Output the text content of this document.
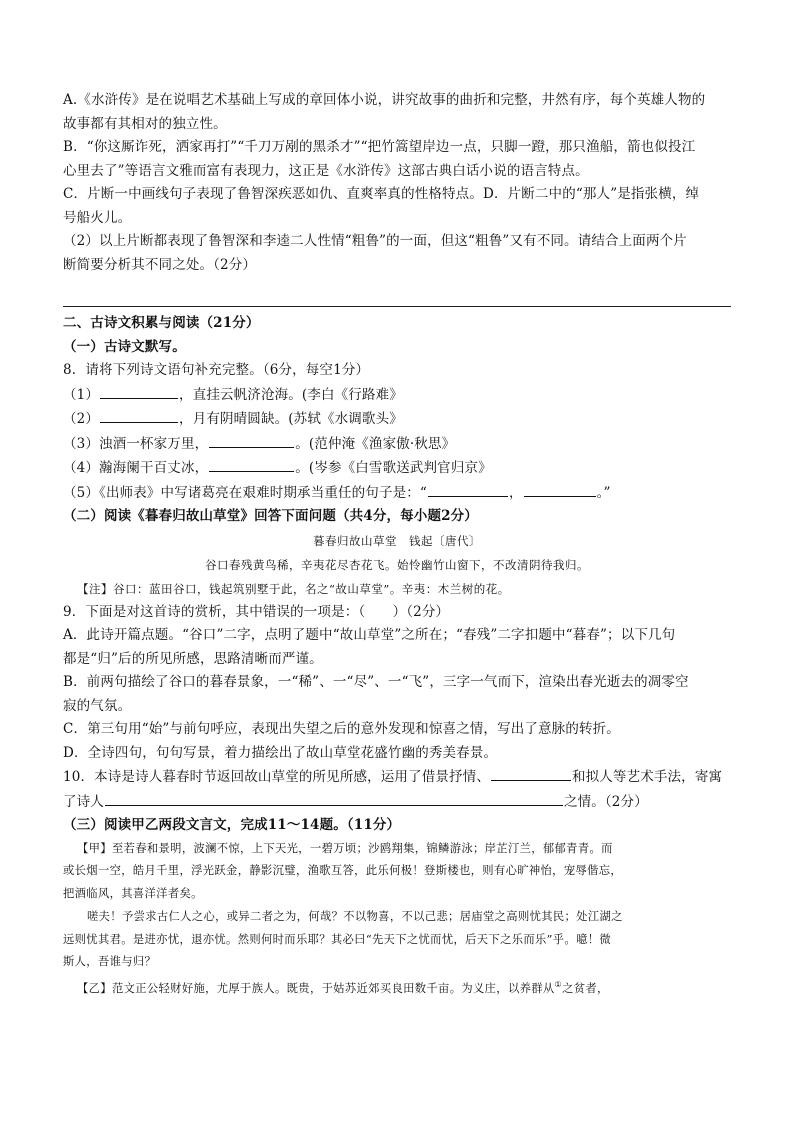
A.《水浒传》是在说唱艺术基础上写成的章回体小说，讲究故事的曲折和完整，井然有序，每个英雄人物的
故事都有其相对的独立性。
B．“你这厮诈死，洒家再打”“千刀万剐的黑杀才”“把竹篙望岸边一点，只脚一蹬，那只渔船，箭也似投江
心里去了”等语言文雅而富有表现力，这正是《水浒传》这部古典白话小说的语言特点。
C．片断一中画线句子表现了鲁智深疾恶如仇、直爽率真的性格特点。D．片断二中的“那人”是指张横，绰
号船火儿。
（2）以上片断都表现了鲁智深和李逵二人性情“粗鲁”的一面，但这“粗鲁”又有不同。请结合上面两个片
断简要分析其不同之处。（2分）
二、古诗文积累与阅读（21分）
（一）古诗文默写。
8．请将下列诗文语句补充完整。（6分，每空1分）
（1）	，直挂云帆济沧海。(李白《行路难》
（2）	，月有阴晴圆缺。(苏轼《水调歌头》
（3）浊酒一杯家万里，	。(范仲淹《渔家傲·秋思》
（4）瀚海阑干百丈冰，	。(岑参《白雪歌送武判官归京》
（5）《出师表》中写诸葛亮在艰难时期承当重任的句子是：“	，	。”
（二）阅读《暮春归故山草堂》回答下面问题（共4分，每小题2分）
暮春归故山草堂　钱起〔唐代〕
谷口春残黄鸟稀，辛夷花尽杏花飞。始怜幽竹山窗下，不改清阴待我归。
【注】谷口：蓝田谷口，钱起筑别墅于此，名之“故山草堂”。辛夷：木兰树的花。
9．下面是对这首诗的赏析，其中错误的一项是：（　　）（2分）
A．此诗开篇点题。“谷口”二字，点明了题中“故山草堂”之所在；“春残”二字扣题中“暮春”；以下几句
都是“归”后的所见所感，思路清晰而严谨。
B．前两句描绘了谷口的暮春景象，一“稀”、一“尽”、一“飞”，三字一气而下，渲染出春光逝去的凋零空
寂的气氛。
C．第三句用“始”与前句呼应，表现出失望之后的意外发现和惊喜之情，写出了意脉的转折。
D．全诗四句，句句写景，着力描绘出了故山草堂花盛竹幽的秀美春景。
10．本诗是诗人暮春时节返回故山草堂的所见所感，运用了借景抒情、	和拟人等艺术手法，寄寓
了诗人	之情。（2分）
（三）阅读甲乙两段文言文，完成11～14题。（11分）
【甲】至若春和景明，波澜不惊，上下天光，一碧万顷；沙鸥翔集，锦鳞游泳；岸芷汀兰，郁郁青青。而
或长烟一空，皓月千里，浮光跃金，静影沉璧，渔歌互答，此乐何极！登斯楼也，则有心旷神怡，宠辱偕忘，
把酒临风，其喜洋洋者矣。
嗟夫！予尝求古仁人之心，或异二者之为，何哉？不以物喜，不以己悲；居庙堂之高则忧其民；处江湖之
远则忧其君。是进亦忧，退亦忧。然则何时而乐耶？其必曰“先天下之忧而忧，后天下之乐而乐”乎。噫！微
斯人，吾谁与归？
【乙】范文正公轻财好施，尤厚于族人。既贵，于姑苏近郊买良田数千亩。为义庄，以养群从①之贫者，
